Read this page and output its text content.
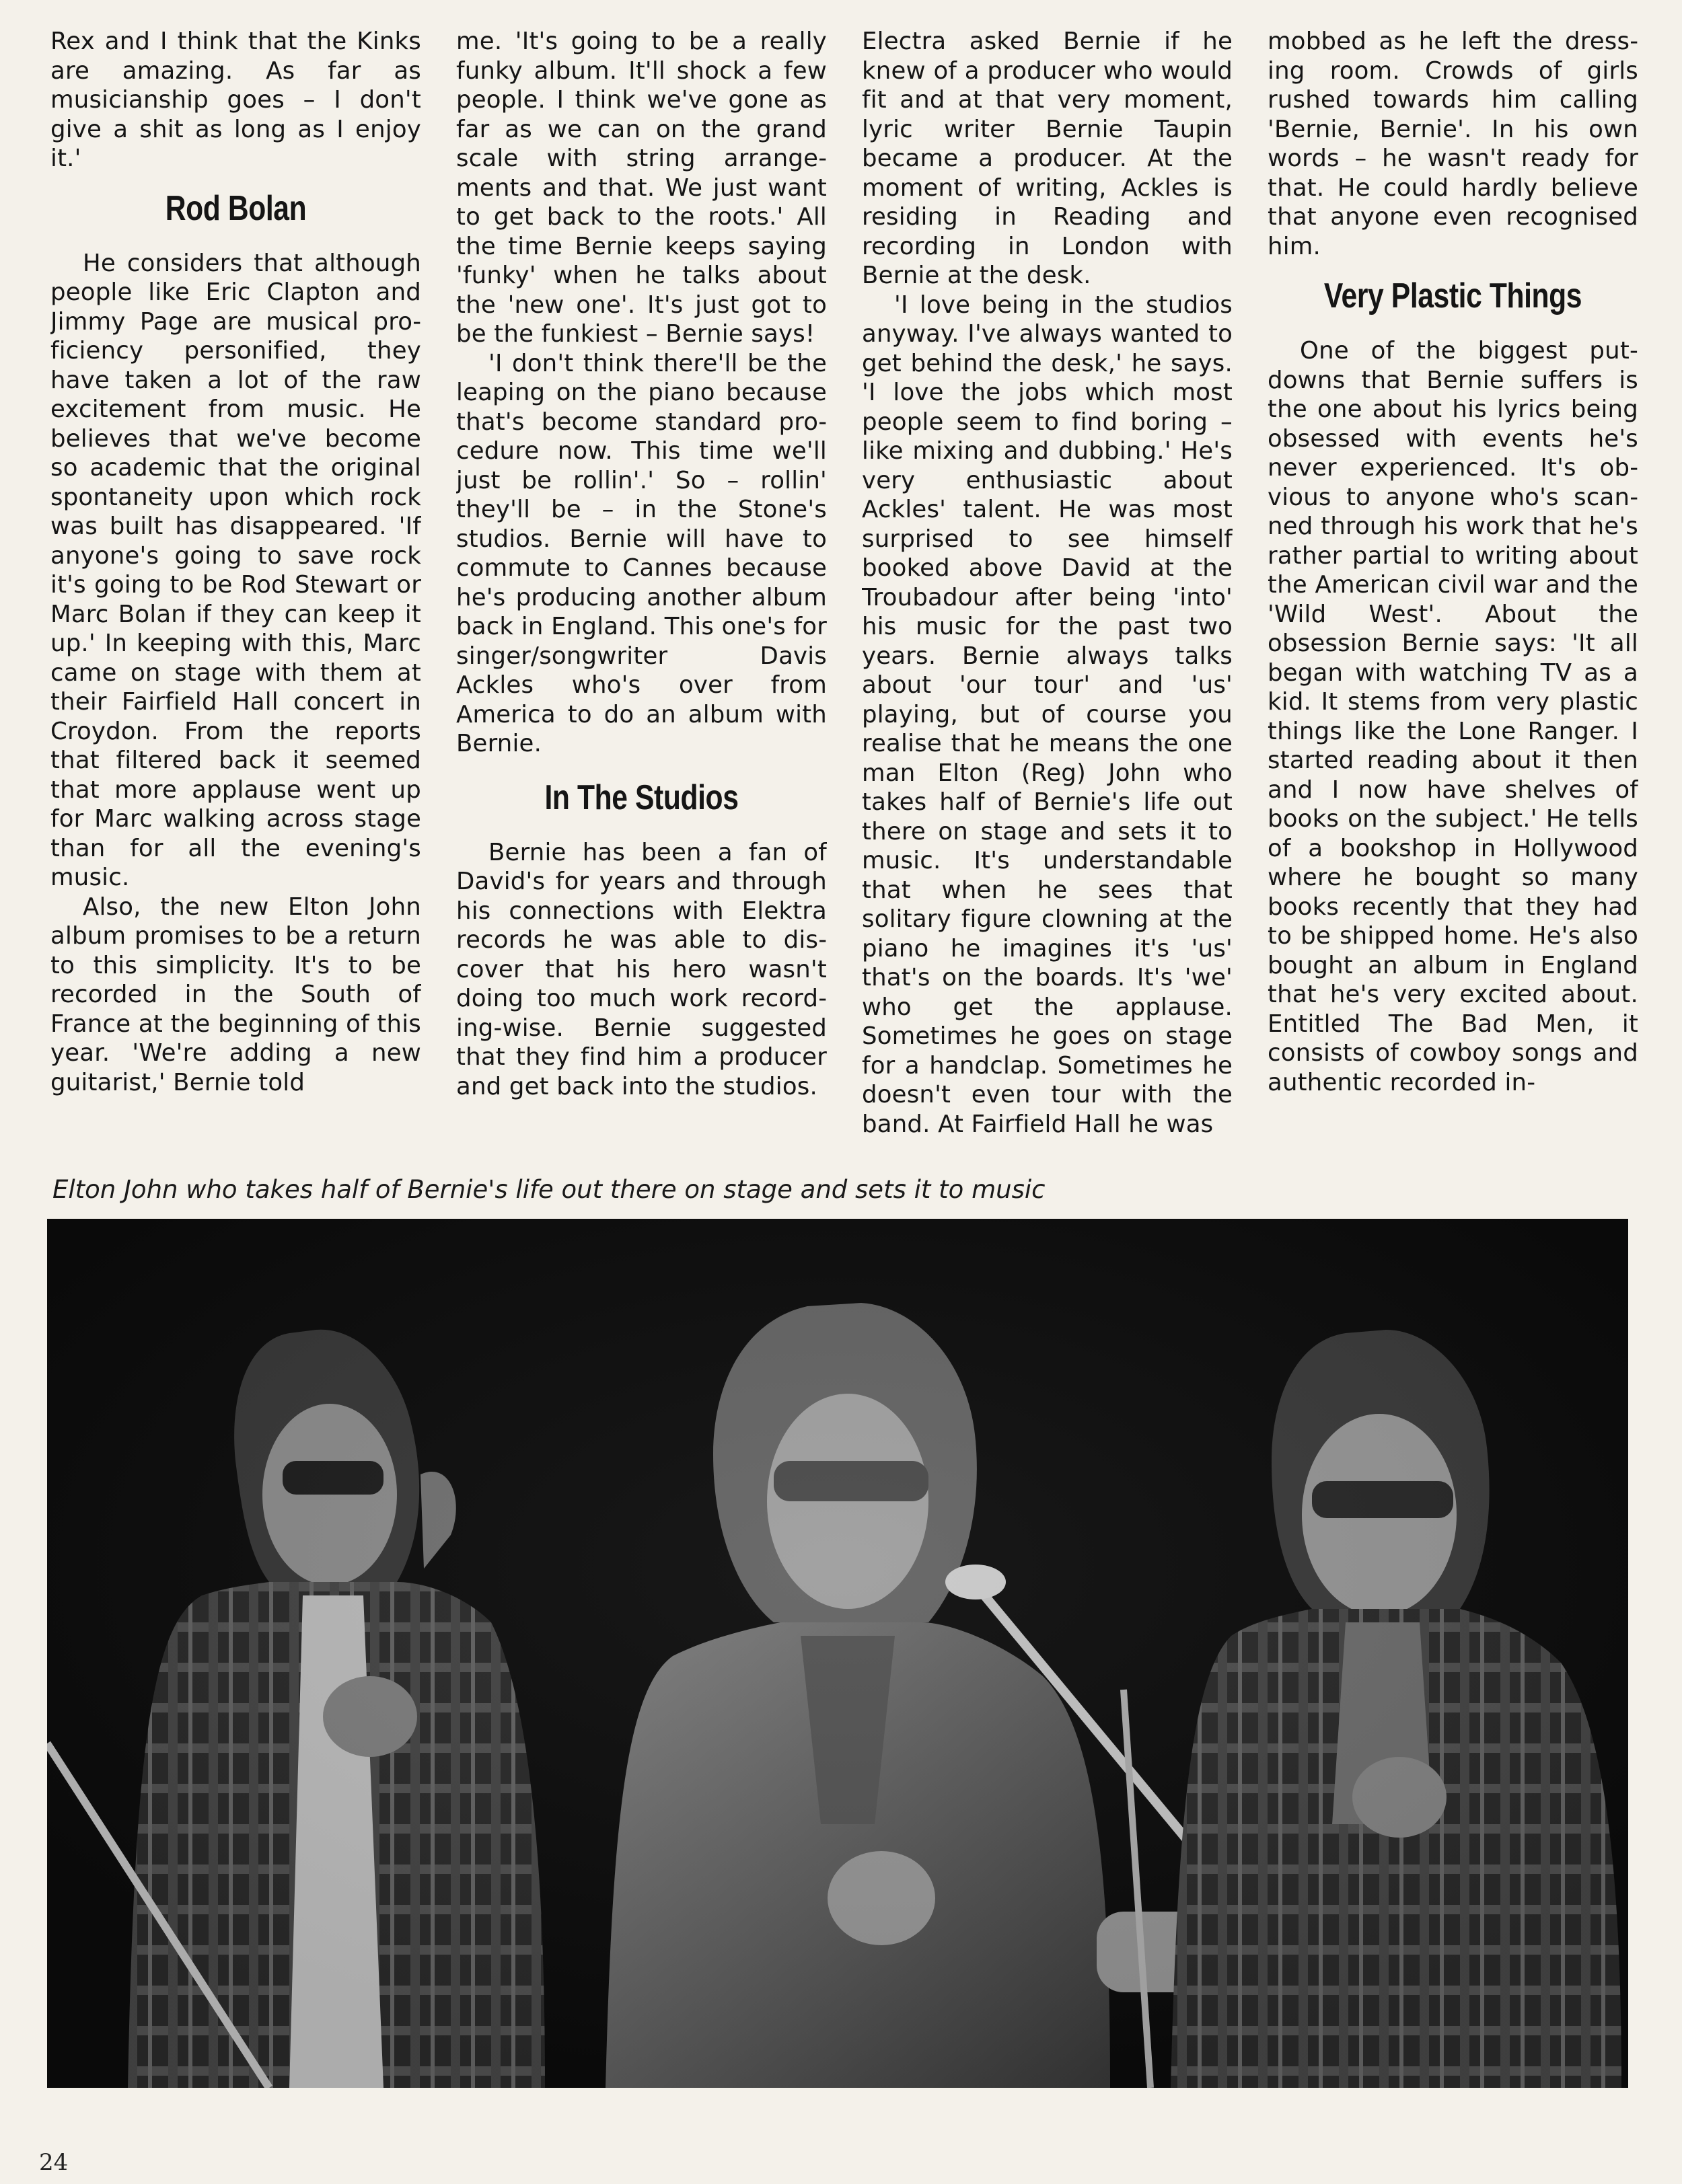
Rex and I think that the Kinks are amazing. As far as musicianship goes – I don't give a shit as long as I enjoy it.'

Rod Bolan

He considers that although people like Eric Clapton and Jimmy Page are musical proficiency personified, they have taken a lot of the raw excitement from music. He believes that we've become so academic that the original spontaneity upon which rock was built has disappeared. 'If anyone's going to save rock it's going to be Rod Stewart or Marc Bolan if they can keep it up.' In keeping with this, Marc came on stage with them at their Fairfield Hall concert in Croydon. From the reports that filtered back it seemed that more applause went up for Marc walking across stage than for all the evening's music.

Also, the new Elton John album promises to be a return to this simplicity. It's to be recorded in the South of France at the beginning of this year. 'We're adding a new guitarist,' Bernie told

me. 'It's going to be a really funky album. It'll shock a few people. I think we've gone as far as we can on the grand scale with string arrangements and that. We just want to get back to the roots.' All the time Bernie keeps saying 'funky' when he talks about the 'new one'. It's just got to be the funkiest – Bernie says!

'I don't think there'll be the leaping on the piano because that's become standard procedure now. This time we'll just be rollin'.' So – rollin' they'll be – in the Stone's studios. Bernie will have to commute to Cannes because he's producing another album back in England. This one's for singer/songwriter Davis Ackles who's over from America to do an album with Bernie.

In The Studios

Bernie has been a fan of David's for years and through his connections with Elektra records he was able to discover that his hero wasn't doing too much work recording-wise. Bernie suggested that they find him a producer and get back into the studios.

Electra asked Bernie if he knew of a producer who would fit and at that very moment, lyric writer Bernie Taupin became a producer. At the moment of writing, Ackles is residing in Reading and recording in London with Bernie at the desk.

'I love being in the studios anyway. I've always wanted to get behind the desk,' he says. 'I love the jobs which most people seem to find boring – like mixing and dubbing.' He's very enthusiastic about Ackles' talent. He was most surprised to see himself booked above David at the Troubadour after being 'into' his music for the past two years. Bernie always talks about 'our tour' and 'us' playing, but of course you realise that he means the one man Elton (Reg) John who takes half of Bernie's life out there on stage and sets it to music. It's understandable that when he sees that solitary figure clowning at the piano he imagines it's 'us' that's on the boards. It's 'we' who get the applause. Sometimes he goes on stage for a handclap. Sometimes he doesn't even tour with the band. At Fairfield Hall he was

mobbed as he left the dressing room. Crowds of girls rushed towards him calling 'Bernie, Bernie'. In his own words – he wasn't ready for that. He could hardly believe that anyone even recognised him.

Very Plastic Things

One of the biggest put-downs that Bernie suffers is the one about his lyrics being obsessed with events he's never experienced. It's obvious to anyone who's scanned through his work that he's rather partial to writing about the American civil war and the 'Wild West'. About the obsession Bernie says: 'It all began with watching TV as a kid. It stems from very plastic things like the Lone Ranger. I started reading about it then and I now have shelves of books on the subject.' He tells of a bookshop in Hollywood where he bought so many books recently that they had to be shipped home. He's also bought an album in England that he's very excited about. Entitled The Bad Men, it consists of cowboy songs and authentic recorded in-

Elton John who takes half of Bernie's life out there on stage and sets it to music
24
